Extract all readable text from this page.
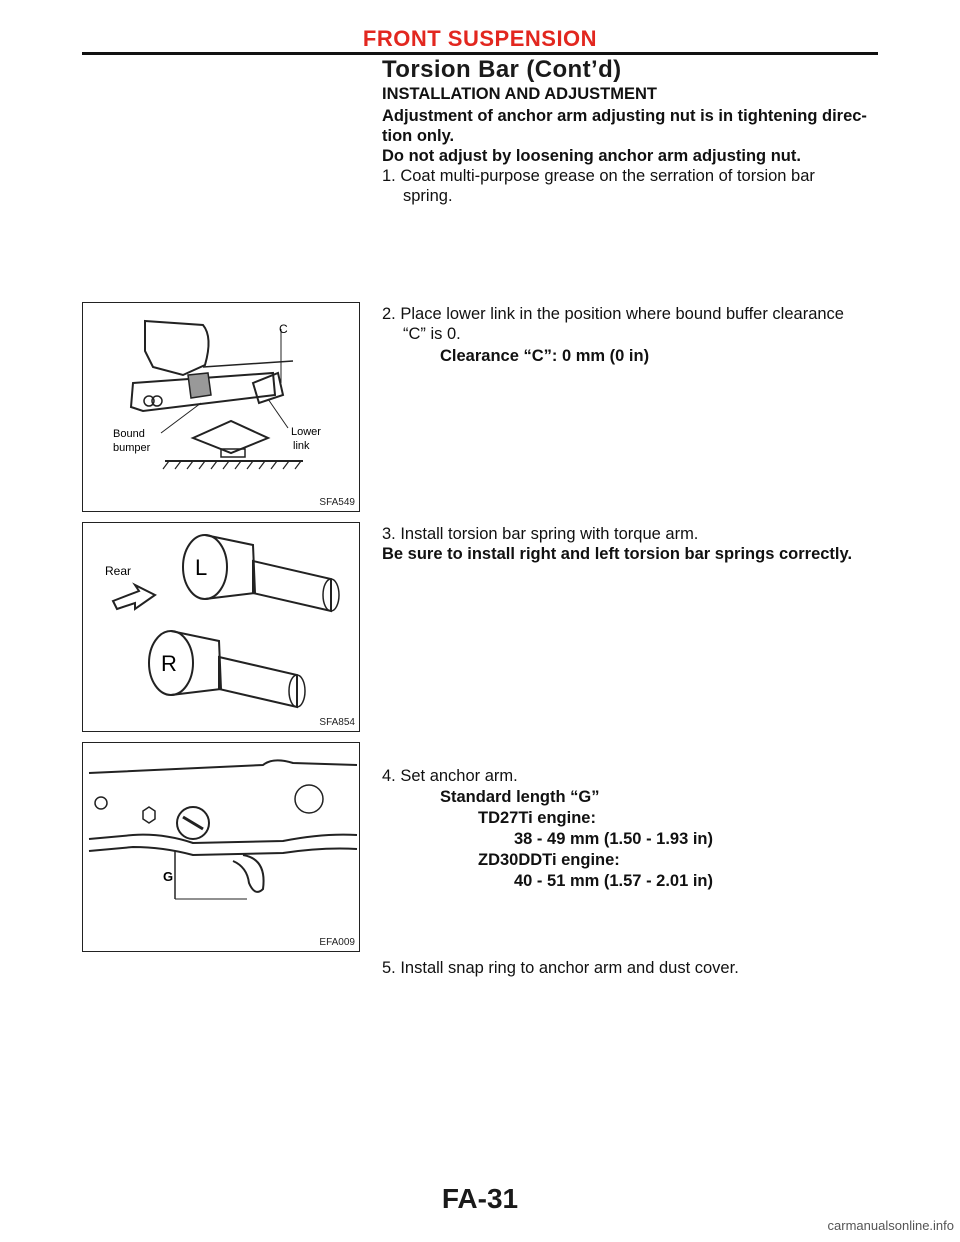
FRONT SUSPENSION
Torsion Bar (Cont’d)
INSTALLATION AND ADJUSTMENT
Adjustment of anchor arm adjusting nut is in tightening direc-
tion only.
Do not adjust by loosening anchor arm adjusting nut.
1. Coat multi-purpose grease on the serration of torsion bar
spring.
C
Lower
link
Bound
bumper
SFA549
2. Place lower link in the position where bound buffer clearance
“C” is 0.
Clearance “C”: 0 mm (0 in)
L
R
Rear
SFA854
3. Install torsion bar spring with torque arm.
Be sure to install right and left torsion bar springs correctly.
G
EFA009
4. Set anchor arm.
Standard length “G”
TD27Ti engine:
38 - 49 mm (1.50 - 1.93 in)
ZD30DDTi engine:
40 - 51 mm (1.57 - 2.01 in)
5. Install snap ring to anchor arm and dust cover.
FA-31
carmanualsonline.info
